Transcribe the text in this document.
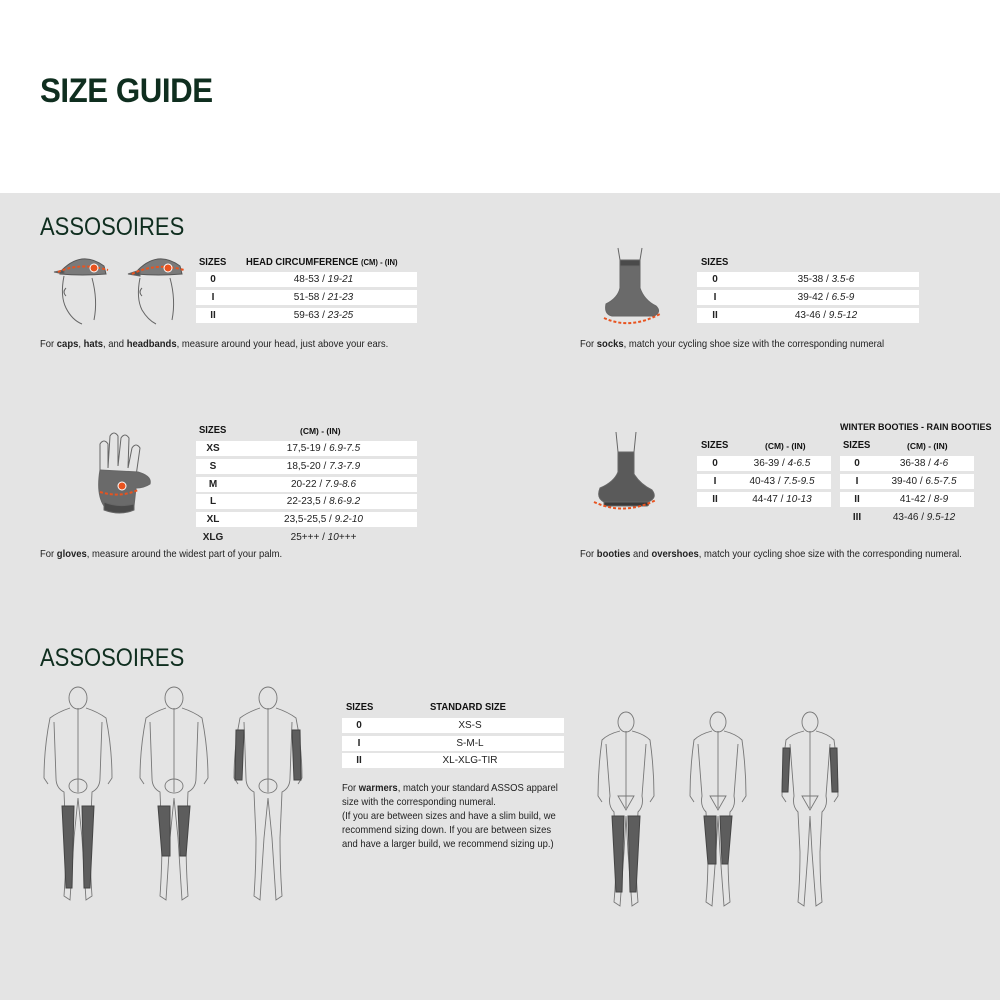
SIZE GUIDE
ASSOSOIRES
SIZES HEAD CIRCUMFERENCE (CM) - (IN)
0	48-53 / 19-21
I	51-58 / 21-23
II	59-63 / 23-25
For caps, hats, and headbands, measure around your head, just above your ears.
SIZES
0	35-38 / 3.5-6
I	39-42 / 6.5-9
II	43-46 / 9.5-12
For socks, match your cycling shoe size with the corresponding numeral
SIZES	(CM) - (IN)
XS	17,5-19 / 6.9-7.5
S	18,5-20 / 7.3-7.9
M	20-22 / 7.9-8.6
L	22-23,5 / 8.6-9.2
XL	23,5-25,5 / 9.2-10
XLG	25+++ / 10+++
For gloves, measure around the widest part of your palm.
SIZES	(CM) - (IN)
0	36-39 / 4-6.5
I	40-43 / 7.5-9.5
II	44-47 / 10-13
WINTER BOOTIES - RAIN BOOTIES
SIZES	(CM) - (IN)
0	36-38 / 4-6
I	39-40 / 6.5-7.5
II	41-42 / 8-9
III	43-46 / 9.5-12
For booties and overshoes, match your cycling shoe size with the corresponding numeral.
ASSOSOIRES
SIZES	STANDARD SIZE
0	XS-S
I	S-M-L
II	XL-XLG-TIR
For warmers, match your standard ASSOS apparel
size with the corresponding numeral.
(If you are between sizes and have a slim build, we
recommend sizing down. If you are between sizes
and have a larger build, we recommend sizing up.)
